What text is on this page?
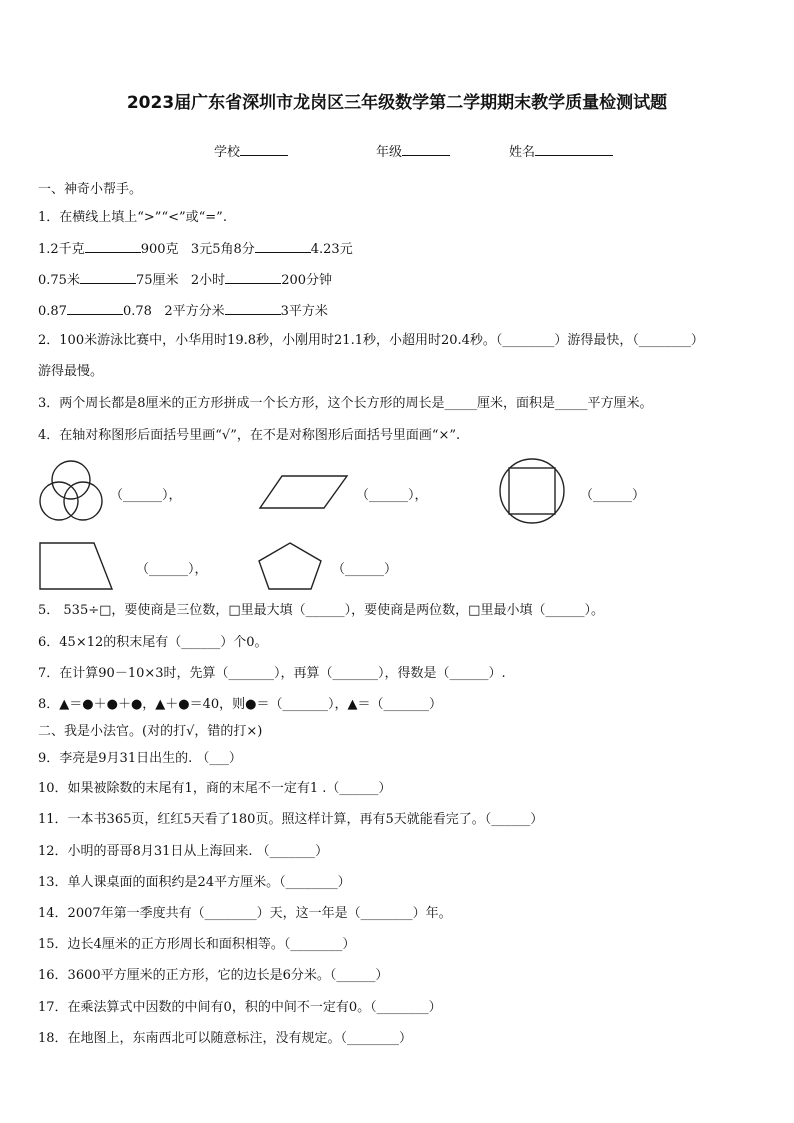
2023届广东省深圳市龙岗区三年级数学第二学期期末教学质量检测试题
学校	年级	姓名
一、神奇小帮手。
1．在横线上填上“>”“<”或“=”.
1.2千克	900克 3元5角8分	4.23元
0.75米	75厘米 2小时	200分钟
0.87	0.78 2平方分米	3平方米
2．100米游泳比赛中，小华用时19.8秒，小刚用时21.1秒，小超用时20.4秒。（________）游得最快，（________）
游得最慢。
3．两个周长都是8厘米的正方形拼成一个长方形，这个长方形的周长是_____厘米，面积是_____平方厘米。
4．在轴对称图形后面括号里画“√”，在不是对称图形后面括号里面画“×”.
（______），	（______），	（______）
（______），	（______）
5． 535÷□，要使商是三位数，□里最大填（______），要使商是两位数，□里最小填（______）。
6．45×12的积末尾有（______）个0。
7．在计算90－10×3时，先算（_______），再算（_______），得数是（______）.
8．▲＝●＋●＋●，▲＋●＝40，则●＝（_______），▲＝（_______）
二、我是小法官。(对的打√，错的打×)
9．李亮是9月31日出生的. （___）
10．如果被除数的末尾有1，商的末尾不一定有1 .（______）
11．一本书365页，红红5天看了180页。照这样计算，再有5天就能看完了。（______）
12．小明的哥哥8月31日从上海回来. （_______）
13．单人课桌面的面积约是24平方厘米。（________）
14．2007年第一季度共有（________）天，这一年是（________）年。
15．边长4厘米的正方形周长和面积相等。（________）
16．3600平方厘米的正方形，它的边长是6分米。（______）
17．在乘法算式中因数的中间有0，积的中间不一定有0。（________）
18．在地图上，东南西北可以随意标注，没有规定。（________）
